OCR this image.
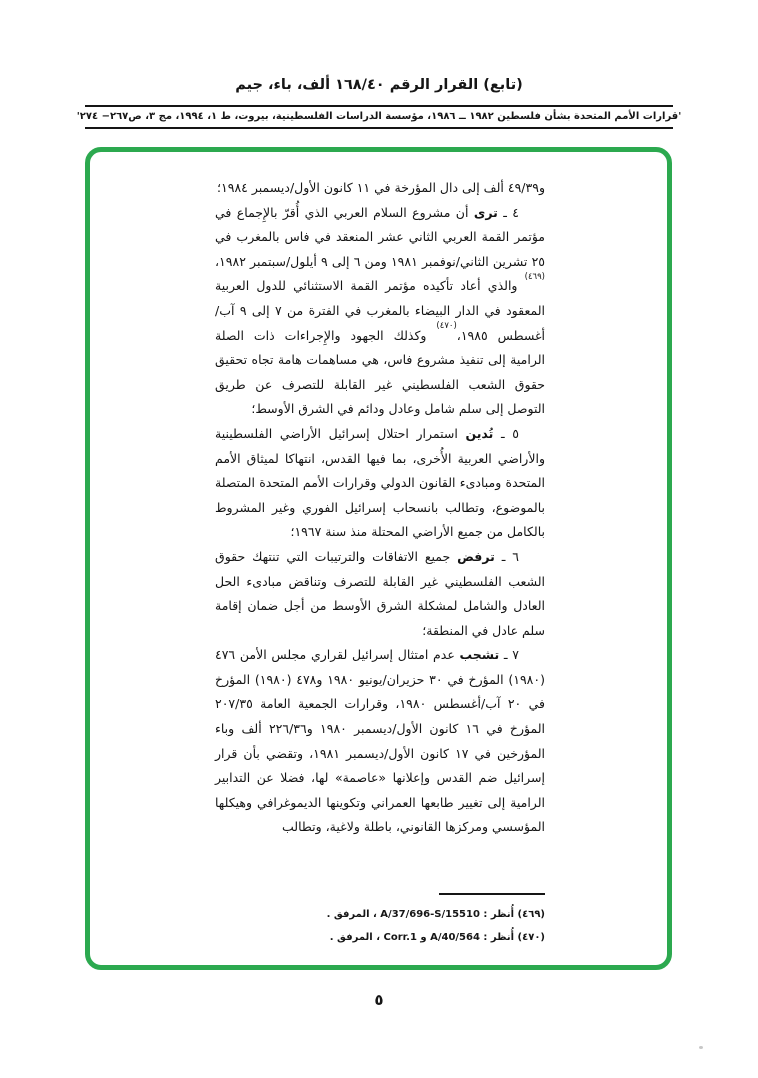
(تابع) القرار الرقم ١٦٨/٤٠ ألف، باء، جيم
'قرارات الأمم المتحدة بشأن فلسطين ١٩٨٢ ــ ١٩٨٦، مؤسسة الدراسات الفلسطينية، بيروت، ط ١، ١٩٩٤، مج ٣، ص٢٦٧− ٢٧٤'

و٤٩/٣٩ ألف إلى دال المؤرخة في ١١ كانون الأول/ديسمبر ١٩٨٤؛

٤ ـ ترى أن مشروع السلام العربي الذي أُقرّ بالإِجماع في مؤتمر القمة العربي الثاني عشر المنعقد في فاس بالمغرب في ٢٥ تشرين الثاني/نوفمبر ١٩٨١ ومن ٦ إلى ٩ أيلول/سبتمبر ١٩٨٢،$^{(٤٦٩)}$ والذي أعاد تأكيده مؤتمر القمة الاستثنائي للدول العربية المعقود في الدار البيضاء بالمغرب في الفترة من ٧ إلى ٩ آب/أغسطس ١٩٨٥،$^{(٤٧٠)}$ وكذلك الجهود والإِجراءات ذات الصلة الرامية إلى تنفيذ مشروع فاس، هي مساهمات هامة تجاه تحقيق حقوق الشعب الفلسطيني غير القابلة للتصرف عن طريق التوصل إلى سلم شامل وعادل ودائم في الشرق الأوسط؛

٥ ـ تُدين استمرار احتلال إسرائيل الأراضي الفلسطينية والأراضي العربية الأُخرى، بما فيها القدس، انتهاكا لميثاق الأمم المتحدة ومبادىء القانون الدولي وقرارات الأمم المتحدة المتصلة بالموضوع، وتطالب بانسحاب إسرائيل الفوري وغير المشروط بالكامل من جميع الأراضي المحتلة منذ سنة ١٩٦٧؛

٦ ـ ترفض جميع الاتفاقات والترتيبات التي تنتهك حقوق الشعب الفلسطيني غير القابلة للتصرف وتناقض مبادىء الحل العادل والشامل لمشكلة الشرق الأوسط من أجل ضمان إقامة سلم عادل في المنطقة؛

٧ ـ تشجب عدم امتثال إسرائيل لقراري مجلس الأمن ٤٧٦ (١٩٨٠) المؤرخ في ٣٠ حزيران/يونيو ١٩٨٠ و٤٧٨ (١٩٨٠) المؤرخ في ٢٠ آب/أغسطس ١٩٨٠، وقرارات الجمعية العامة ٢٠٧/٣٥ المؤرخ في ١٦ كانون الأول/ديسمبر ١٩٨٠ و٢٢٦/٣٦ ألف وباء المؤرخين في ١٧ كانون الأول/ديسمبر ١٩٨١، وتقضي بأن قرار إسرائيل ضم القدس وإعلانها «عاصمة» لها، فضلا عن التدابير الرامية إلى تغيير طابعها العمراني وتكوينها الديموغرافي وهيكلها المؤسسي ومركزها القانوني، باطلة ولاغية، وتطالب

(٤٦٩) أُنظر : A/37/696-S/15510 ، المرفق .
(٤٧٠) أُنظر : A/40/564 و Corr.1 ، المرفق .
٥
